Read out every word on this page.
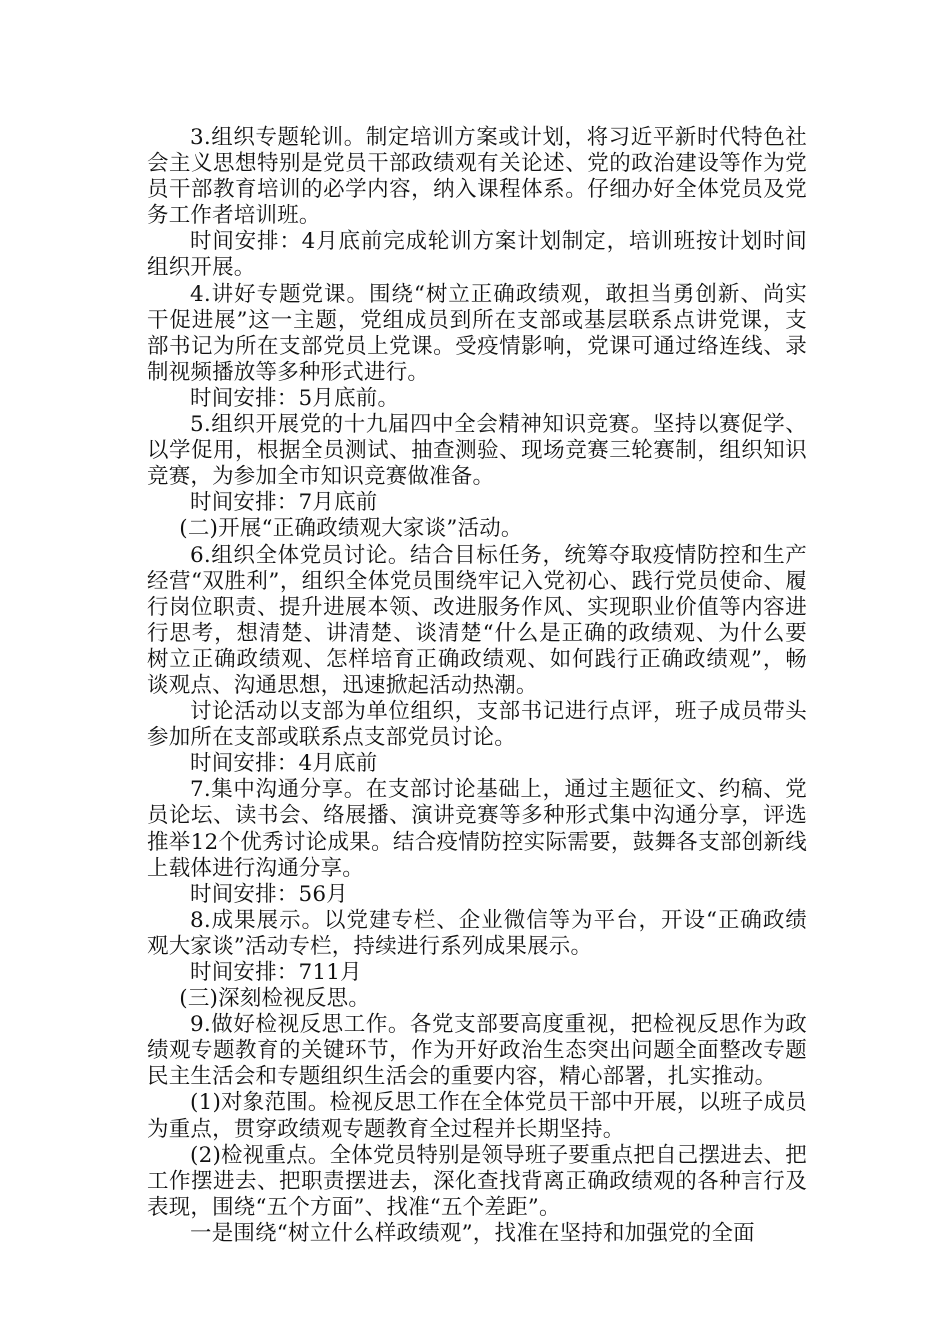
3.组织专题轮训。制定培训方案或计划，将习近平新时代特色社会主义思想特别是党员干部政绩观有关论述、党的政治建设等作为党员干部教育培训的必学内容，纳入课程体系。仔细办好全体党员及党务工作者培训班。

时间安排：4月底前完成轮训方案计划制定，培训班按计划时间组织开展。

4.讲好专题党课。围绕“树立正确政绩观，敢担当勇创新、尚实干促进展”这一主题，党组成员到所在支部或基层联系点讲党课，支部书记为所在支部党员上党课。受疫情影响，党课可通过络连线、录制视频播放等多种形式进行。

时间安排：5月底前。

5.组织开展党的十九届四中全会精神知识竞赛。坚持以赛促学、以学促用，根据全员测试、抽查测验、现场竞赛三轮赛制，组织知识竞赛，为参加全市知识竞赛做准备。

时间安排：7月底前

(二)开展“正确政绩观大家谈”活动。

6.组织全体党员讨论。结合目标任务，统筹夺取疫情防控和生产经营“双胜利”，组织全体党员围绕牢记入党初心、践行党员使命、履行岗位职责、提升进展本领、改进服务作风、实现职业价值等内容进行思考，想清楚、讲清楚、谈清楚“什么是正确的政绩观、为什么要树立正确政绩观、怎样培育正确政绩观、如何践行正确政绩观”，畅谈观点、沟通思想，迅速掀起活动热潮。

讨论活动以支部为单位组织，支部书记进行点评，班子成员带头参加所在支部或联系点支部党员讨论。

时间安排：4月底前

7.集中沟通分享。在支部讨论基础上，通过主题征文、约稿、党员论坛、读书会、络展播、演讲竞赛等多种形式集中沟通分享，评选推举12个优秀讨论成果。结合疫情防控实际需要，鼓舞各支部创新线上载体进行沟通分享。

时间安排：56月

8.成果展示。以党建专栏、企业微信等为平台，开设“正确政绩观大家谈”活动专栏，持续进行系列成果展示。

时间安排：711月

(三)深刻检视反思。

9.做好检视反思工作。各党支部要高度重视，把检视反思作为政绩观专题教育的关键环节，作为开好政治生态突出问题全面整改专题民主生活会和专题组织生活会的重要内容，精心部署，扎实推动。

(1)对象范围。检视反思工作在全体党员干部中开展，以班子成员为重点，贯穿政绩观专题教育全过程并长期坚持。

(2)检视重点。全体党员特别是领导班子要重点把自己摆进去、把工作摆进去、把职责摆进去，深化查找背离正确政绩观的各种言行及表现，围绕“五个方面”、找准“五个差距”。

一是围绕“树立什么样政绩观”，找准在坚持和加强党的全面
